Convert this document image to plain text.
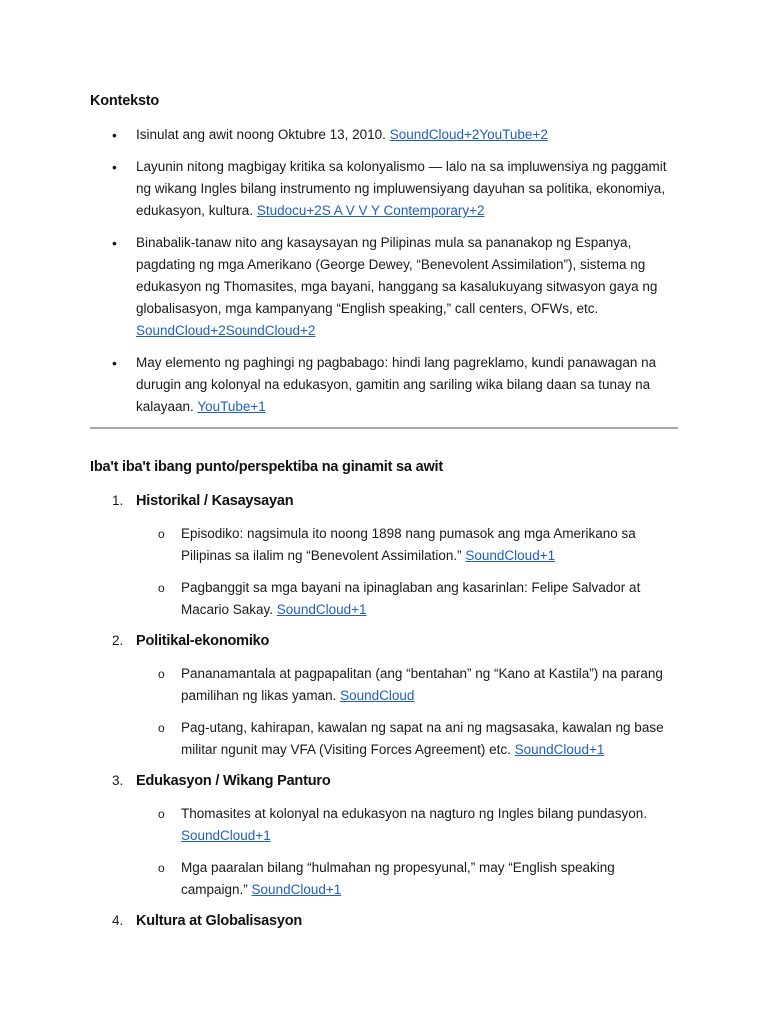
Konteksto
• Isinulat ang awit noong Oktubre 13, 2010. SoundCloud+2YouTube+2
• Layunin nitong magbigay kritika sa kolonyalismo — lalo na sa impluwensiya ng paggamit ng wikang Ingles bilang instrumento ng impluwensiyang dayuhan sa politika, ekonomiya, edukasyon, kultura. Studocu+2S A V V Y Contemporary+2
• Binabalik-tanaw nito ang kasaysayan ng Pilipinas mula sa pananakop ng Espanya, pagdating ng mga Amerikano (George Dewey, “Benevolent Assimilation”), sistema ng edukasyon ng Thomasites, mga bayani, hanggang sa kasalukuyang sitwasyon gaya ng globalisasyon, mga kampanyang “English speaking,” call centers, OFWs, etc. SoundCloud+2SoundCloud+2
• May elemento ng paghingi ng pagbabago: hindi lang pagreklamo, kundi panawagan na durugin ang kolonyal na edukasyon, gamitin ang sariling wika bilang daan sa tunay na kalayaan. YouTube+1
Iba't iba't ibang punto/perspektiba na ginamit sa awit
1. Historikal / Kasaysayan
o Episodiko: nagsimula ito noong 1898 nang pumasok ang mga Amerikano sa Pilipinas sa ilalim ng “Benevolent Assimilation.” SoundCloud+1
o Pagbanggit sa mga bayani na ipinaglaban ang kasarinlan: Felipe Salvador at Macario Sakay. SoundCloud+1
2. Politikal-ekonomiko
o Pananamantala at pagpapalitan (ang “bentahan” ng “Kano at Kastila”) na parang pamilihan ng likas yaman. SoundCloud
o Pag-utang, kahirapan, kawalan ng sapat na ani ng magsasaka, kawalan ng base militar ngunit may VFA (Visiting Forces Agreement) etc. SoundCloud+1
3. Edukasyon / Wikang Panturo
o Thomasites at kolonyal na edukasyon na nagturo ng Ingles bilang pundasyon. SoundCloud+1
o Mga paaralan bilang “hulmahan ng propesyunal,” may “English speaking campaign.” SoundCloud+1
4. Kultura at Globalisasyon
